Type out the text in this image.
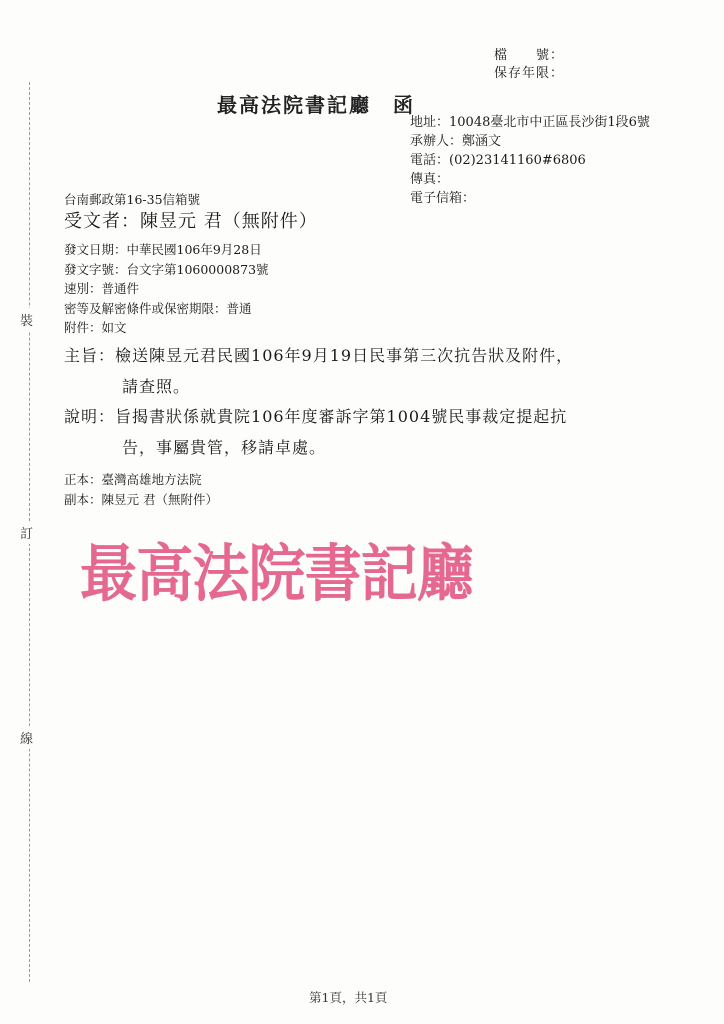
裝
訂
線
檔　　號：
保存年限：
最高法院書記廳　函
地址：10048臺北市中正區長沙街1段6號
承辦人：鄭涵文
電話：(02)23141160#6806
傳真：
電子信箱：
台南郵政第16-35信箱號
受文者：陳昱元 君（無附件）
發文日期：中華民國106年9月28日
發文字號：台文字第1060000873號
速別：普通件
密等及解密條件或保密期限：普通
附件：如文
主旨：檢送陳昱元君民國106年9月19日民事第三次抗告狀及附件，
請查照。
說明：旨揭書狀係就貴院106年度審訴字第1004號民事裁定提起抗
告，事屬貴管，移請卓處。
正本：臺灣高雄地方法院
副本：陳昱元 君（無附件）
最高法院書記廳
第1頁，共1頁
